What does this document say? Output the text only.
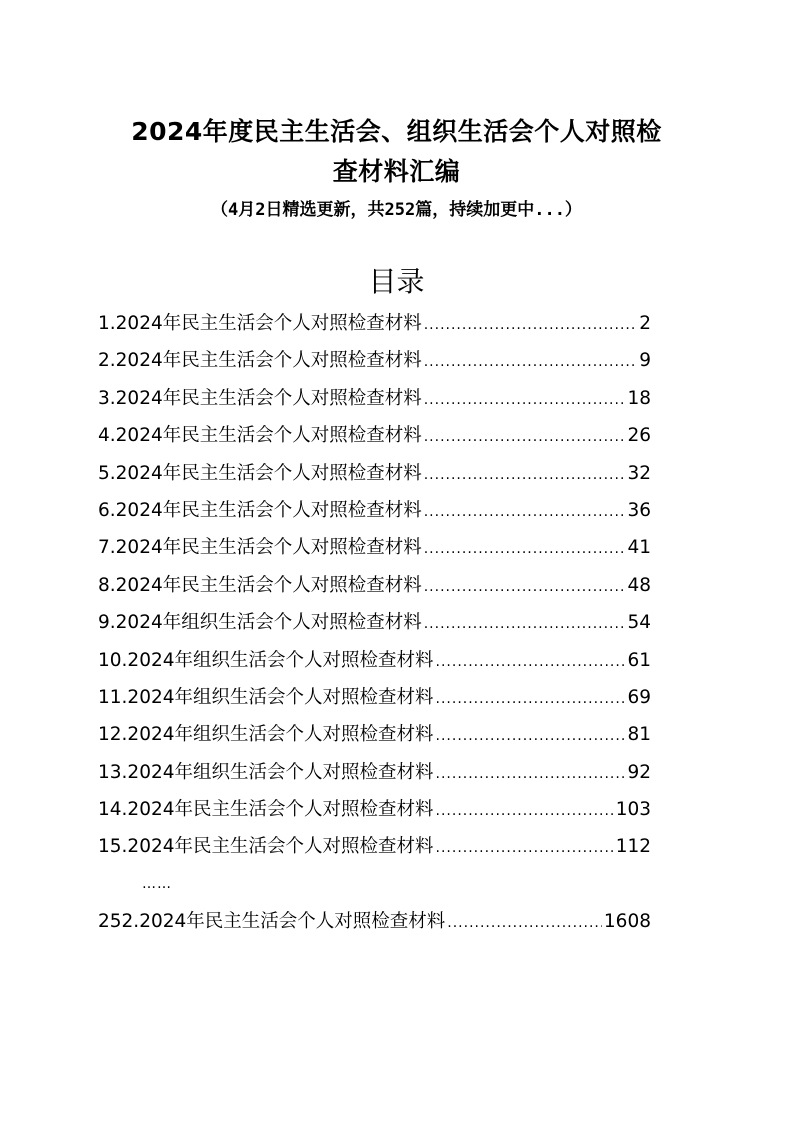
2024年度民主生活会、组织生活会个人对照检
查材料汇编
（4月2日精选更新，共252篇，持续加更中...）
目录
1.2024年民主生活会个人对照检查材料 .....	2
2.2024年民主生活会个人对照检查材料 .....	9
3.2024年民主生活会个人对照检查材料 .....	18
4.2024年民主生活会个人对照检查材料 .....	26
5.2024年民主生活会个人对照检查材料 .....	32
6.2024年民主生活会个人对照检查材料 .....	36
7.2024年民主生活会个人对照检查材料 .....	41
8.2024年民主生活会个人对照检查材料 .....	48
9.2024年组织生活会个人对照检查材料 .....	54
10.2024年组织生活会个人对照检查材料 .....	61
11.2024年组织生活会个人对照检查材料 .....	69
12.2024年组织生活会个人对照检查材料 .....	81
13.2024年组织生活会个人对照检查材料 .....	92
14.2024年民主生活会个人对照检查材料 .....	103
15.2024年民主生活会个人对照检查材料 .....	112
……
252.2024年民主生活会个人对照检查材料 .....	1608
